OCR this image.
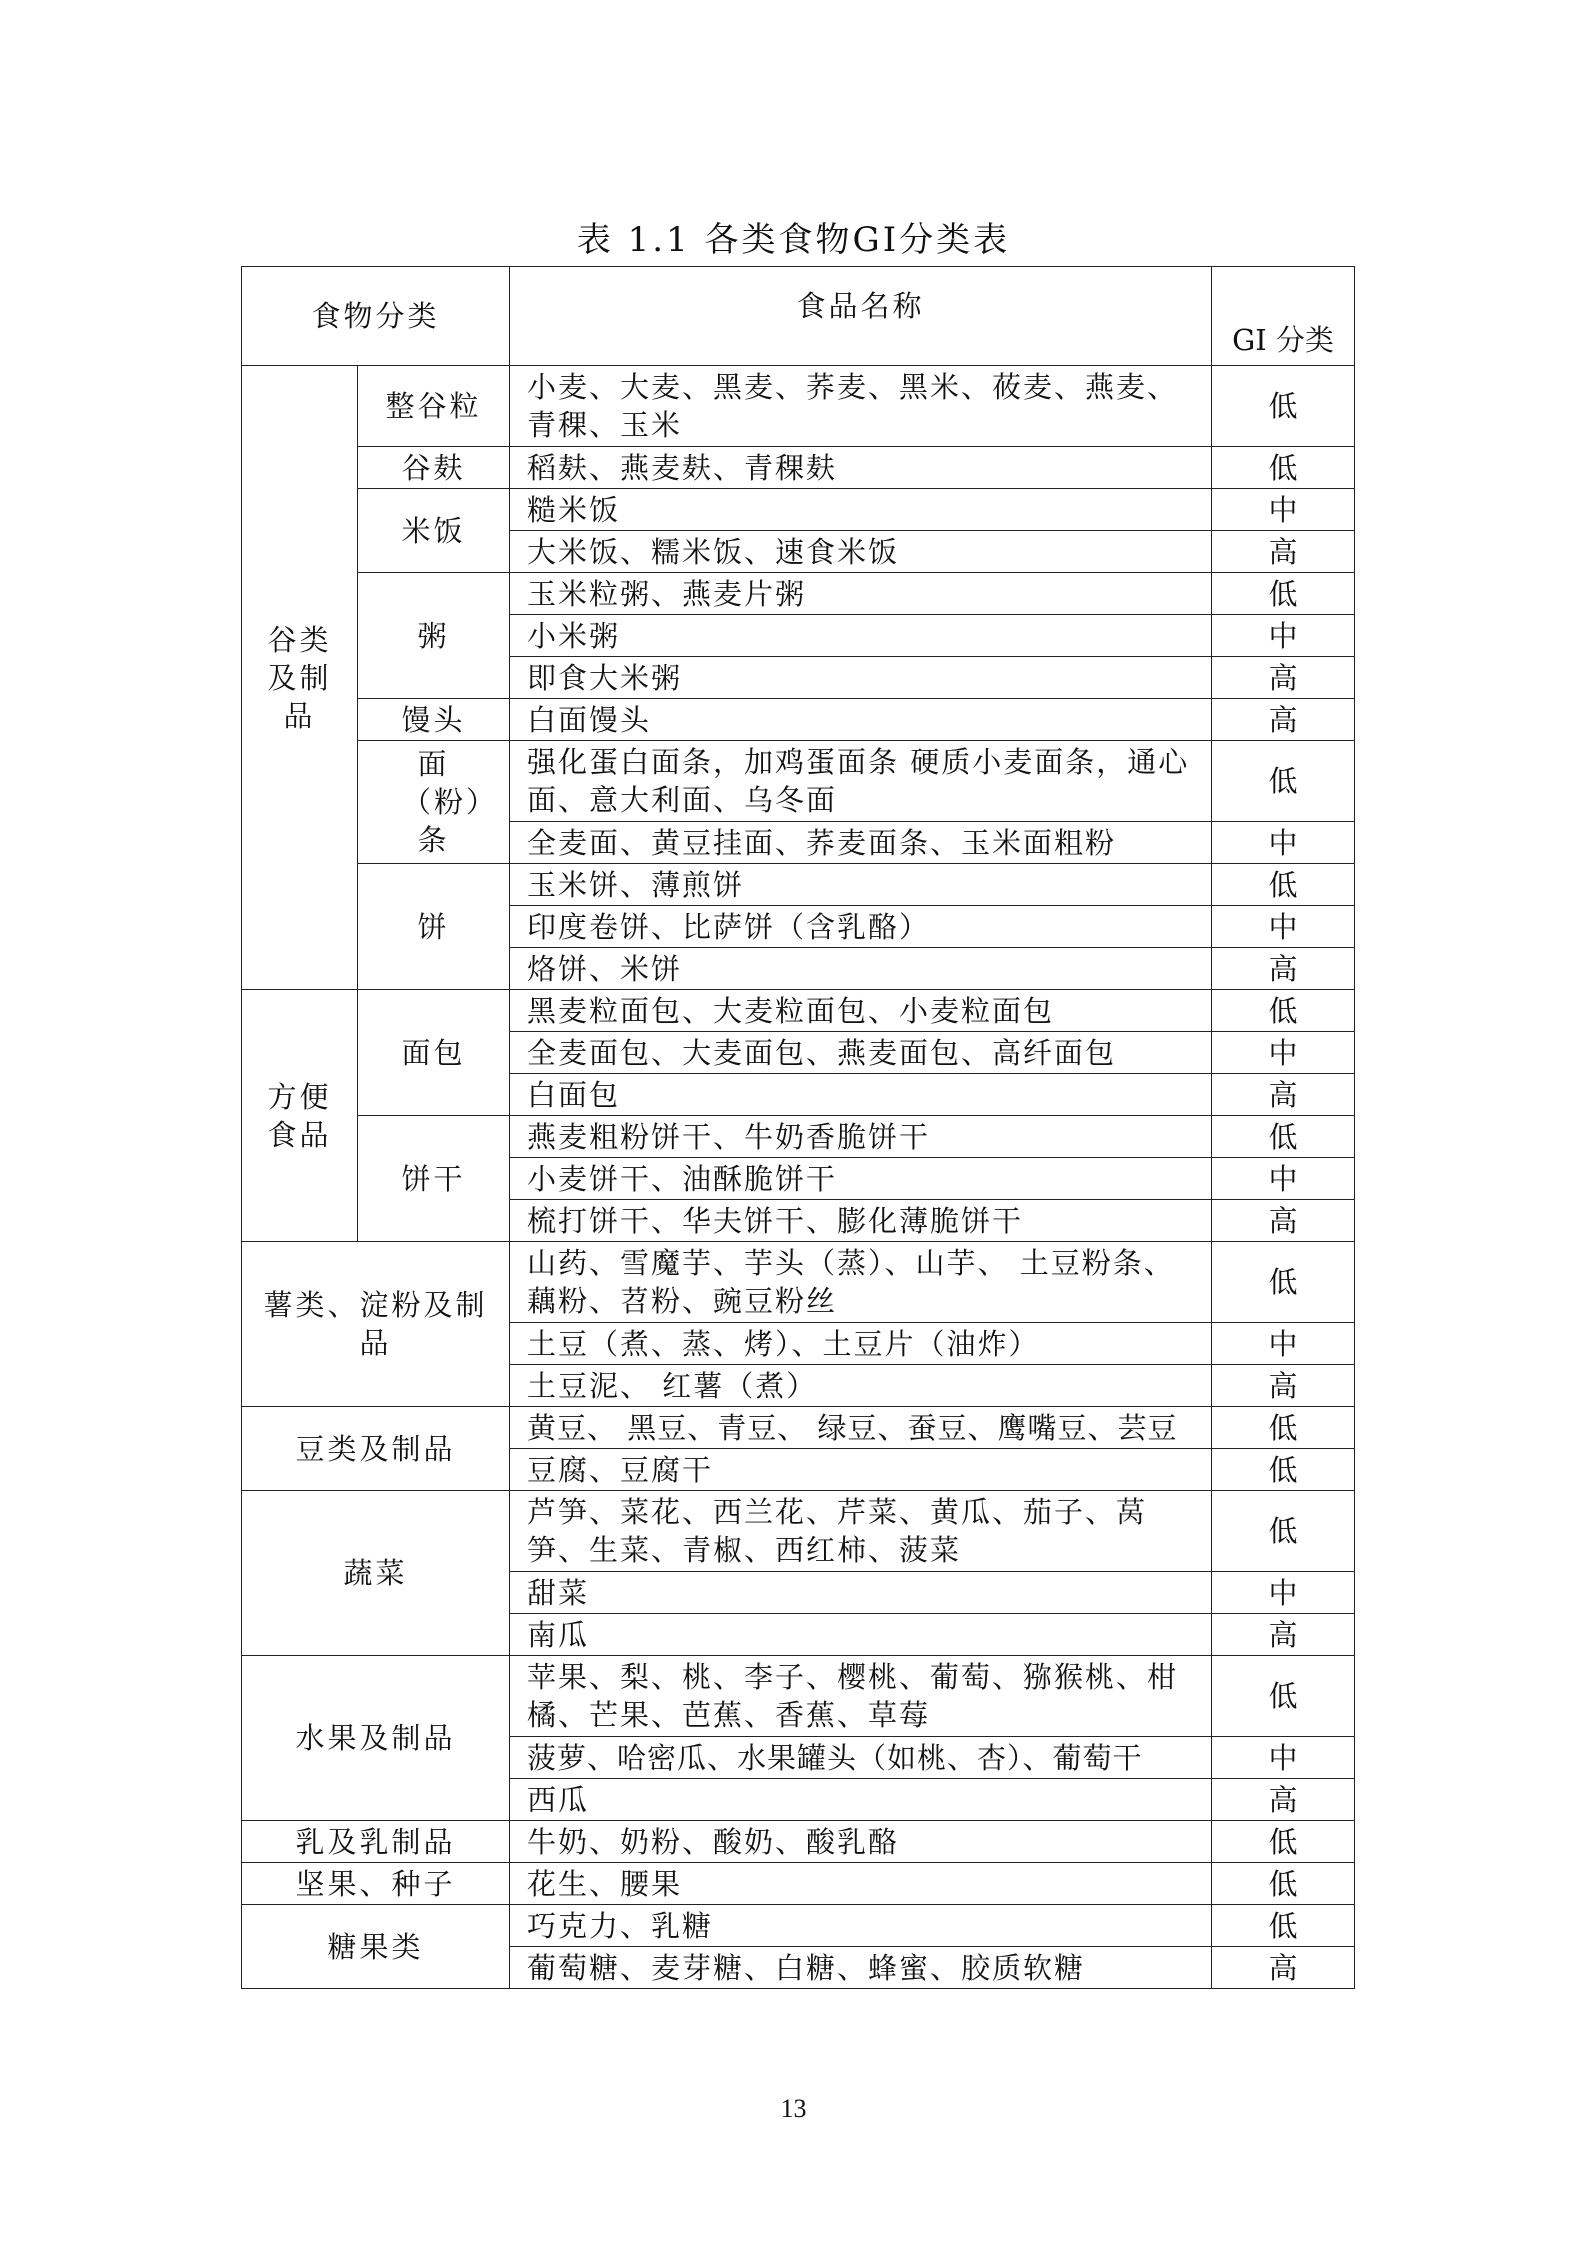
表 1.1 各类食物GI分类表
食物分类		食品名称	GI 分类
谷类及制品	整谷粒	小麦、大麦、黑麦、荞麦、黑米、莜麦、燕麦、青稞、玉米	低
	谷麸	稻麸、燕麦麸、青稞麸	低
	米饭	糙米饭	中
		大米饭、糯米饭、速食米饭	高
	粥	玉米粒粥、燕麦片粥	低
		小米粥	中
		即食大米粥	高
	馒头	白面馒头	高
	面（粉）条	强化蛋白面条，加鸡蛋面条 硬质小麦面条，通心面、意大利面、乌冬面	低
		全麦面、黄豆挂面、荞麦面条、玉米面粗粉	中
	饼	玉米饼、薄煎饼	低
		印度卷饼、比萨饼（含乳酪）	中
		烙饼、米饼	高
方便食品	面包	黑麦粒面包、大麦粒面包、小麦粒面包	低
		全麦面包、大麦面包、燕麦面包、高纤面包	中
		白面包	高
	饼干	燕麦粗粉饼干、牛奶香脆饼干	低
		小麦饼干、油酥脆饼干	中
		梳打饼干、华夫饼干、膨化薄脆饼干	高
薯类、淀粉及制品		山药、雪魔芋、芋头（蒸）、山芋、 土豆粉条、藕粉、苕粉、豌豆粉丝	低
		土豆（煮、蒸、烤）、土豆片（油炸）	中
		土豆泥、 红薯（煮）	高
豆类及制品		黄豆、 黑豆、青豆、 绿豆、蚕豆、鹰嘴豆、芸豆	低
		豆腐、豆腐干	低
蔬菜		芦笋、菜花、西兰花、芹菜、黄瓜、茄子、莴笋、生菜、青椒、西红柿、菠菜	低
		甜菜	中
		南瓜	高
水果及制品		苹果、梨、桃、李子、樱桃、葡萄、猕猴桃、柑橘、芒果、芭蕉、香蕉、草莓	低
		菠萝、哈密瓜、水果罐头（如桃、杏）、葡萄干	中
		西瓜	高
乳及乳制品		牛奶、奶粉、酸奶、酸乳酪	低
坚果、种子		花生、腰果	低
糖果类		巧克力、乳糖	低
		葡萄糖、麦芽糖、白糖、蜂蜜、胶质软糖	高
13
